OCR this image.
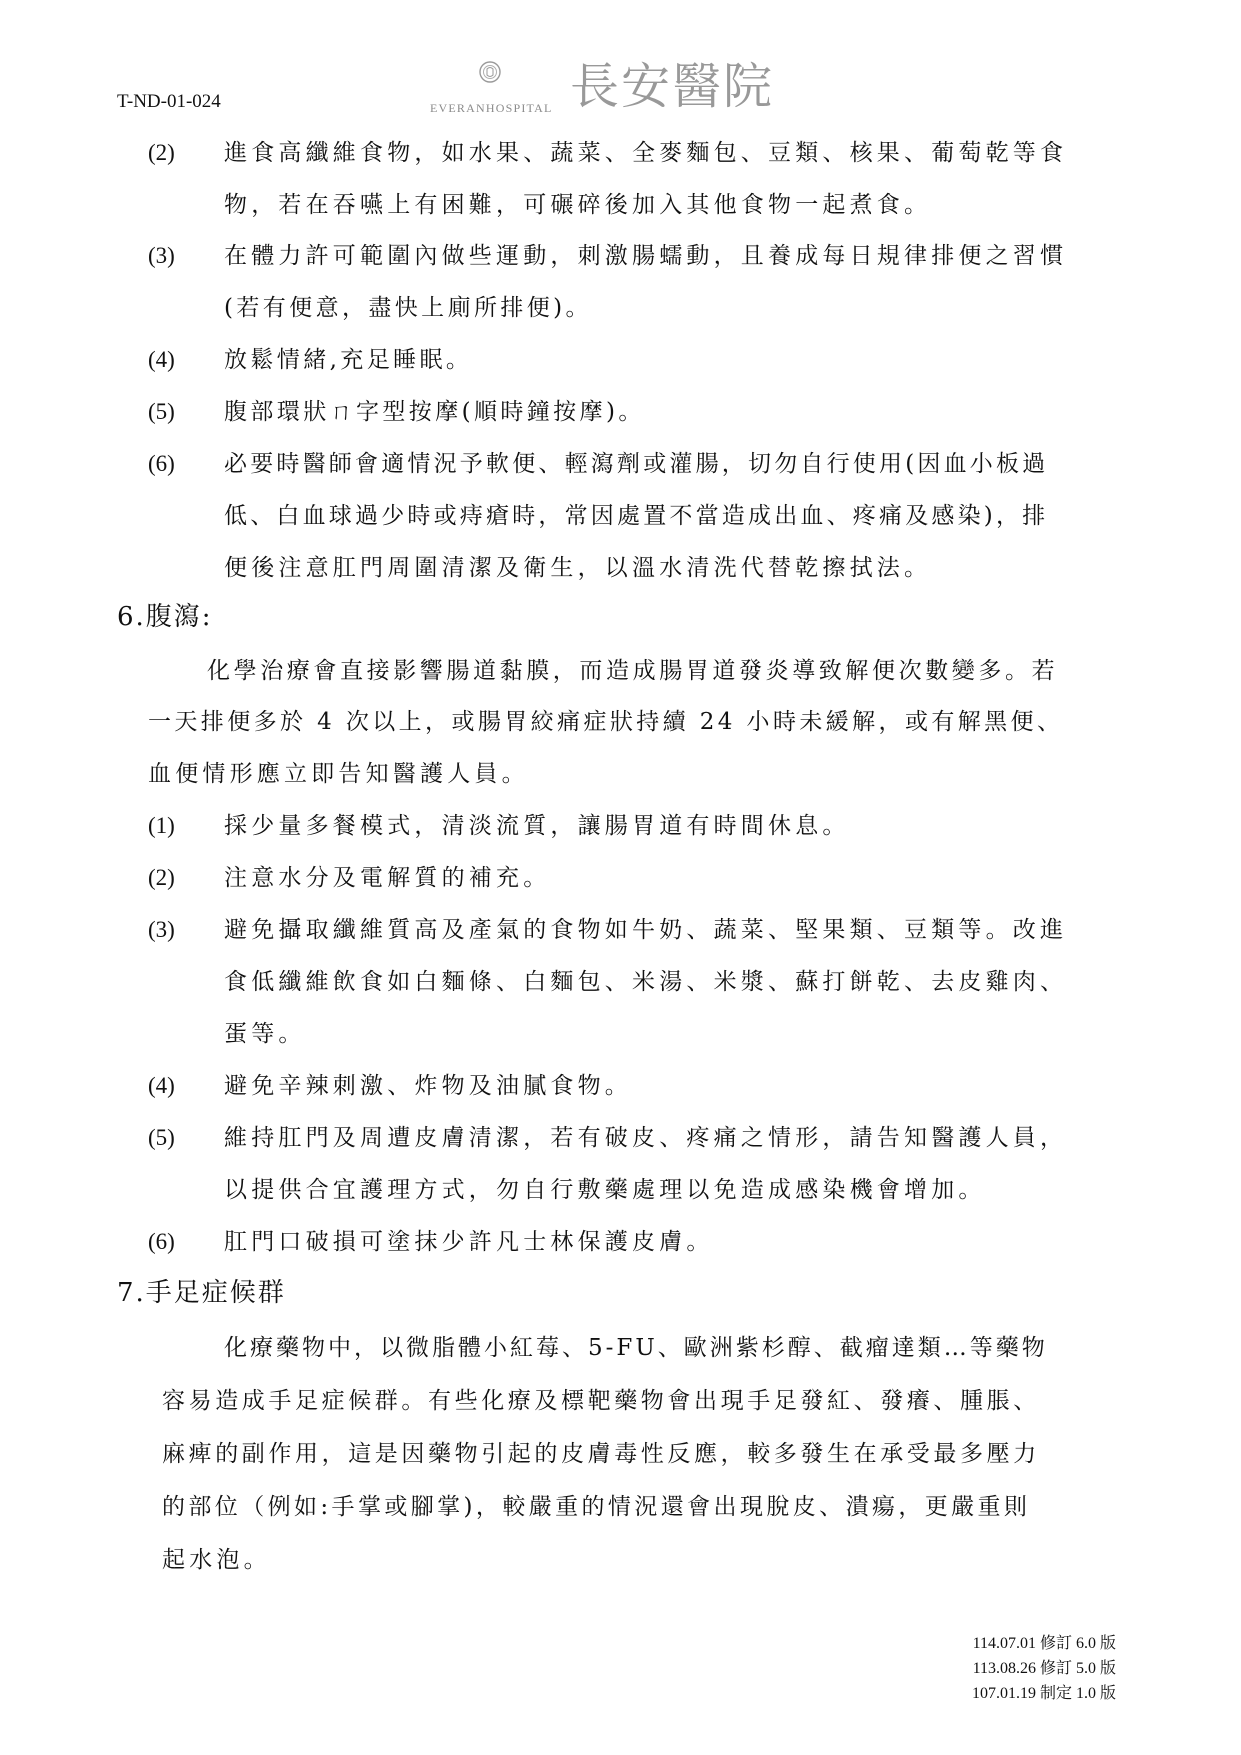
T-ND-01-024	EVERANHOSPITAL 長安醫院
(2) 進食高纖維食物，如水果、蔬菜、全麥麵包、豆類、核果、葡萄乾等食
物，若在吞嚥上有困難，可碾碎後加入其他食物一起煮食。
(3) 在體力許可範圍內做些運動，刺激腸蠕動，且養成每日規律排便之習慣
(若有便意，盡快上廁所排便)。
(4) 放鬆情緒,充足睡眠。
(5) 腹部環狀ㄇ字型按摩(順時鐘按摩)。
(6) 必要時醫師會適情況予軟便、輕瀉劑或灌腸，切勿自行使用(因血小板過
低、白血球過少時或痔瘡時，常因處置不當造成出血、疼痛及感染)，排
便後注意肛門周圍清潔及衛生，以溫水清洗代替乾擦拭法。
6.腹瀉:
化學治療會直接影響腸道黏膜，而造成腸胃道發炎導致解便次數變多。若
一天排便多於 4 次以上，或腸胃絞痛症狀持續 24 小時未緩解，或有解黑便、
血便情形應立即告知醫護人員。
(1) 採少量多餐模式，清淡流質，讓腸胃道有時間休息。
(2) 注意水分及電解質的補充。
(3) 避免攝取纖維質高及產氣的食物如牛奶、蔬菜、堅果類、豆類等。改進
食低纖維飲食如白麵條、白麵包、米湯、米漿、蘇打餅乾、去皮雞肉、
蛋等。
(4) 避免辛辣刺激、炸物及油膩食物。
(5) 維持肛門及周遭皮膚清潔，若有破皮、疼痛之情形，請告知醫護人員，
以提供合宜護理方式，勿自行敷藥處理以免造成感染機會增加。
(6) 肛門口破損可塗抹少許凡士林保護皮膚。
7.手足症候群
化療藥物中，以微脂體小紅莓、5-FU、歐洲紫杉醇、截瘤達類…等藥物
容易造成手足症候群。有些化療及標靶藥物會出現手足發紅、發癢、腫脹、
麻痺的副作用，這是因藥物引起的皮膚毒性反應，較多發生在承受最多壓力
的部位（例如:手掌或腳掌)，較嚴重的情況還會出現脫皮、潰瘍，更嚴重則
起水泡。
114.07.01 修訂 6.0 版
113.08.26 修訂 5.0 版
107.01.19 制定 1.0 版
